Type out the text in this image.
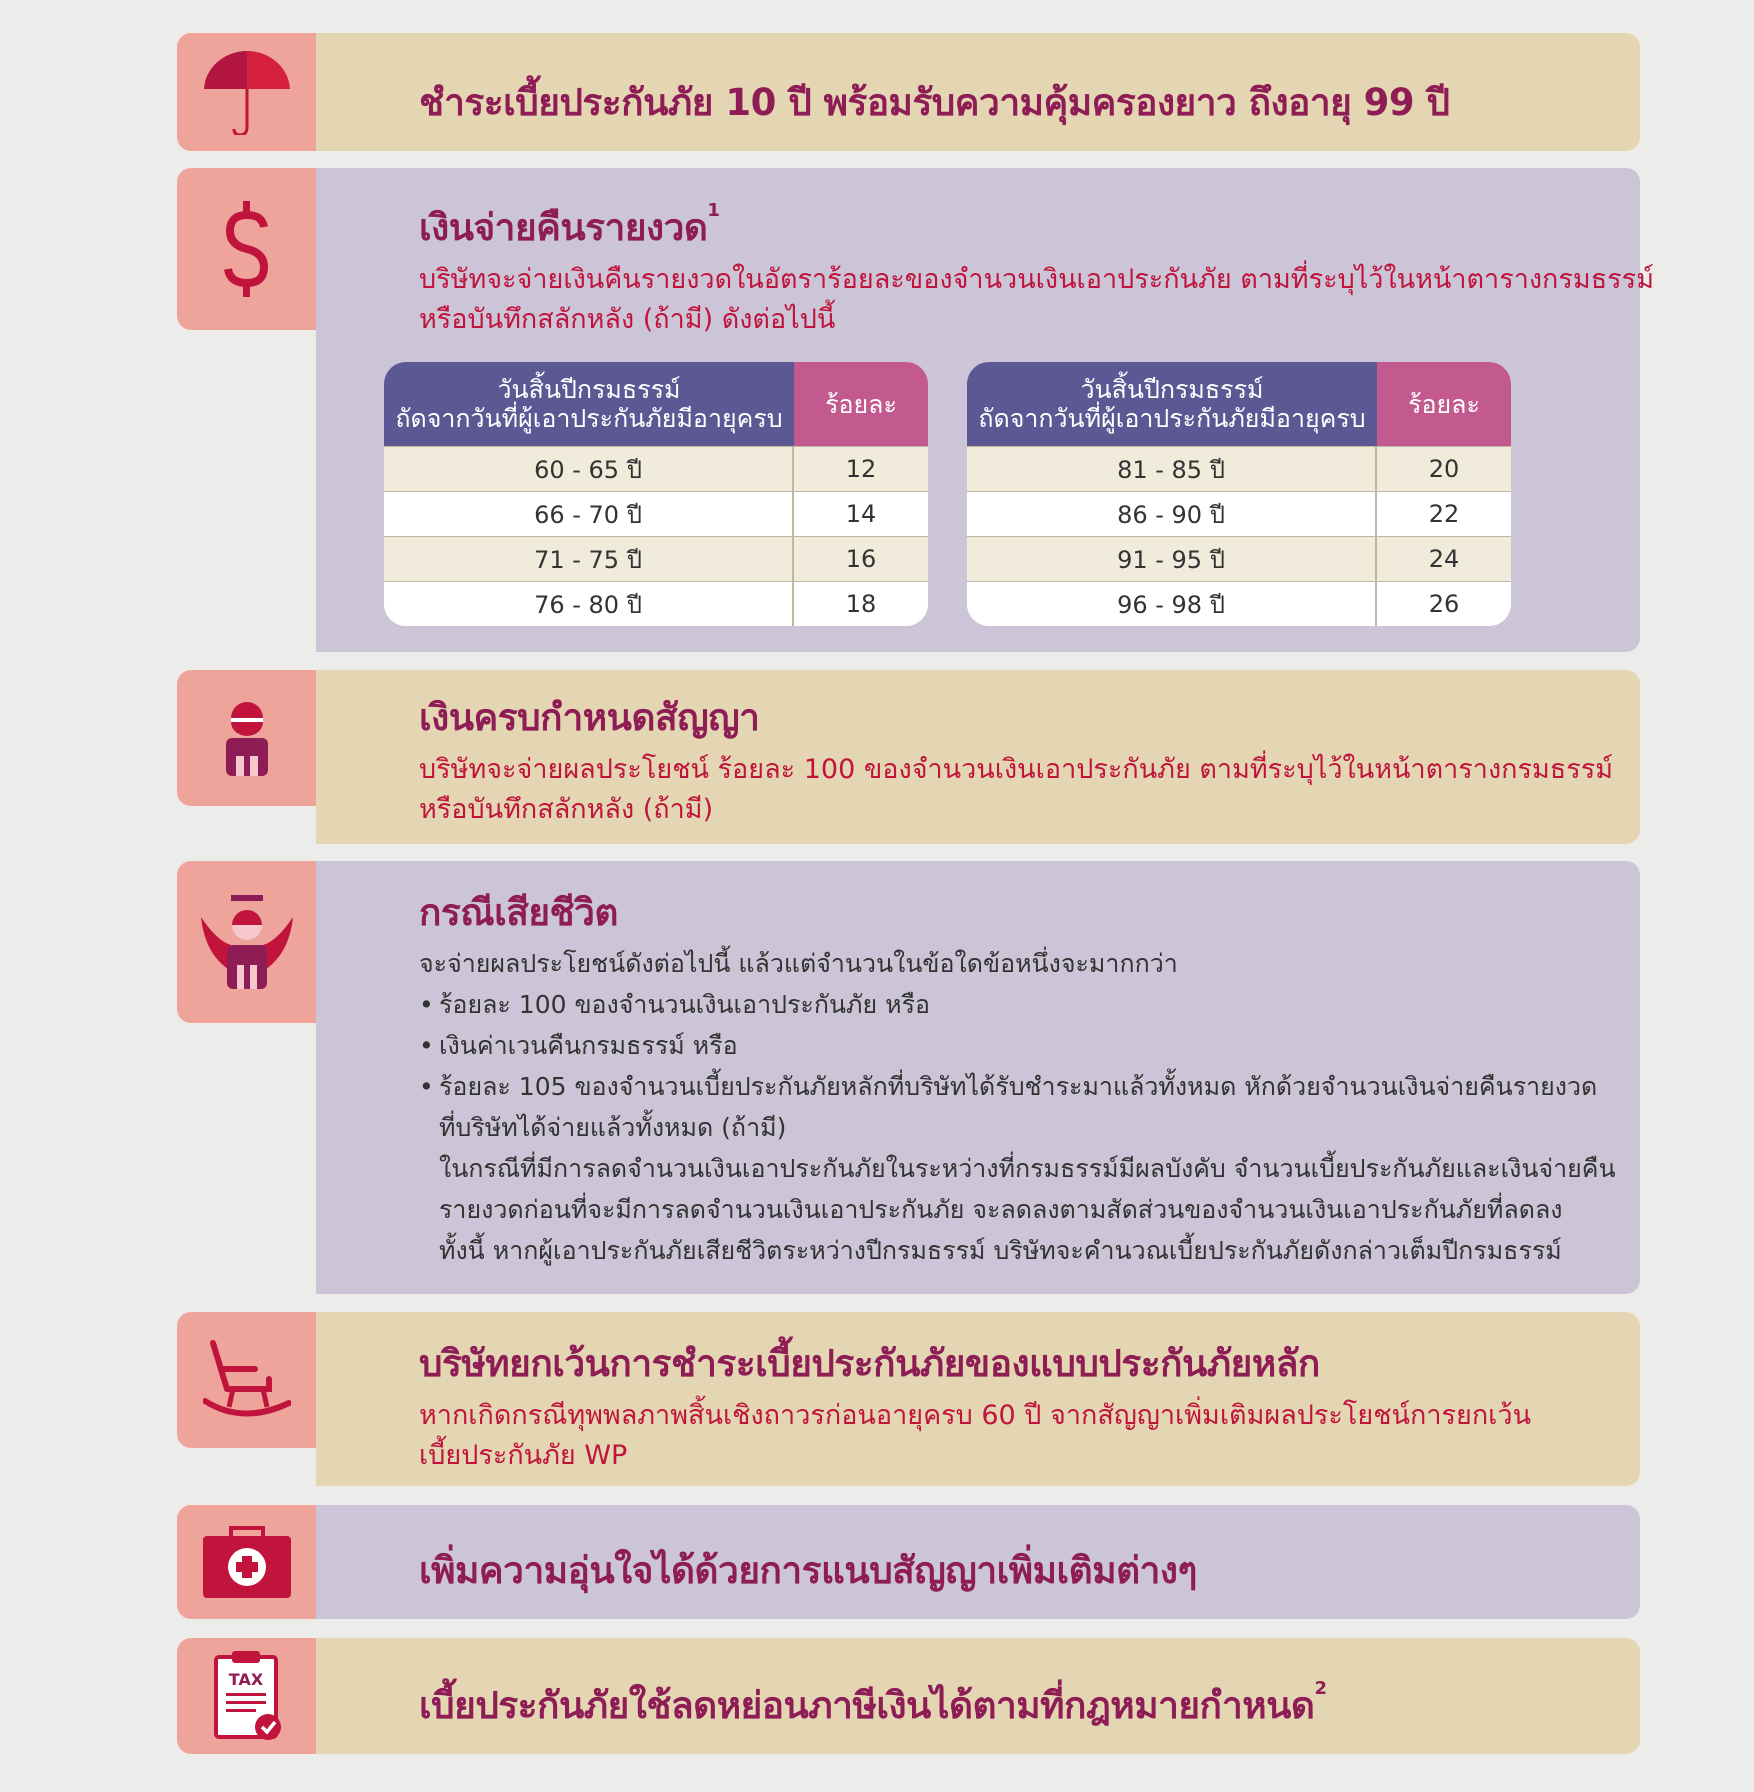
ชำระเบี้ยประกันภัย 10 ปี พร้อมรับความคุ้มครองยาว ถึงอายุ 99 ปี
เงินจ่ายคืนรายงวด$^1$
บริษัทจะจ่ายเงินคืนรายงวดในอัตราร้อยละของจำนวนเงินเอาประกันภัย ตามที่ระบุไว้ในหน้าตารางกรมธรรม์
หรือบันทึกสลักหลัง (ถ้ามี) ดังต่อไปนี้
วันสิ้นปีกรมธรรม์
ถัดจากวันที่ผู้เอาประกันภัยมีอายุครบ	ร้อยละ
60 - 65 ปี	12
66 - 70 ปี	14
71 - 75 ปี	16
76 - 80 ปี	18
วันสิ้นปีกรมธรรม์
ถัดจากวันที่ผู้เอาประกันภัยมีอายุครบ	ร้อยละ
81 - 85 ปี	20
86 - 90 ปี	22
91 - 95 ปี	24
96 - 98 ปี	26
เงินครบกำหนดสัญญา
บริษัทจะจ่ายผลประโยชน์ ร้อยละ 100 ของจำนวนเงินเอาประกันภัย ตามที่ระบุไว้ในหน้าตารางกรมธรรม์
หรือบันทึกสลักหลัง (ถ้ามี)
กรณีเสียชีวิต
จะจ่ายผลประโยชน์ดังต่อไปนี้ แล้วแต่จำนวนในข้อใดข้อหนึ่งจะมากกว่า
• ร้อยละ 100 ของจำนวนเงินเอาประกันภัย หรือ
• เงินค่าเวนคืนกรมธรรม์ หรือ
• ร้อยละ 105 ของจำนวนเบี้ยประกันภัยหลักที่บริษัทได้รับชำระมาแล้วทั้งหมด หักด้วยจำนวนเงินจ่ายคืนรายงวด
ที่บริษัทได้จ่ายแล้วทั้งหมด (ถ้ามี)
ในกรณีที่มีการลดจำนวนเงินเอาประกันภัยในระหว่างที่กรมธรรม์มีผลบังคับ จำนวนเบี้ยประกันภัยและเงินจ่ายคืน
รายงวดก่อนที่จะมีการลดจำนวนเงินเอาประกันภัย จะลดลงตามสัดส่วนของจำนวนเงินเอาประกันภัยที่ลดลง
ทั้งนี้ หากผู้เอาประกันภัยเสียชีวิตระหว่างปีกรมธรรม์ บริษัทจะคำนวณเบี้ยประกันภัยดังกล่าวเต็มปีกรมธรรม์
บริษัทยกเว้นการชำระเบี้ยประกันภัยของแบบประกันภัยหลัก
หากเกิดกรณีทุพพลภาพสิ้นเชิงถาวรก่อนอายุครบ 60 ปี จากสัญญาเพิ่มเติมผลประโยชน์การยกเว้น
เบี้ยประกันภัย WP
เพิ่มความอุ่นใจได้ด้วยการแนบสัญญาเพิ่มเติมต่างๆ
TAX
เบี้ยประกันภัยใช้ลดหย่อนภาษีเงินได้ตามที่กฎหมายกำหนด$^2$
